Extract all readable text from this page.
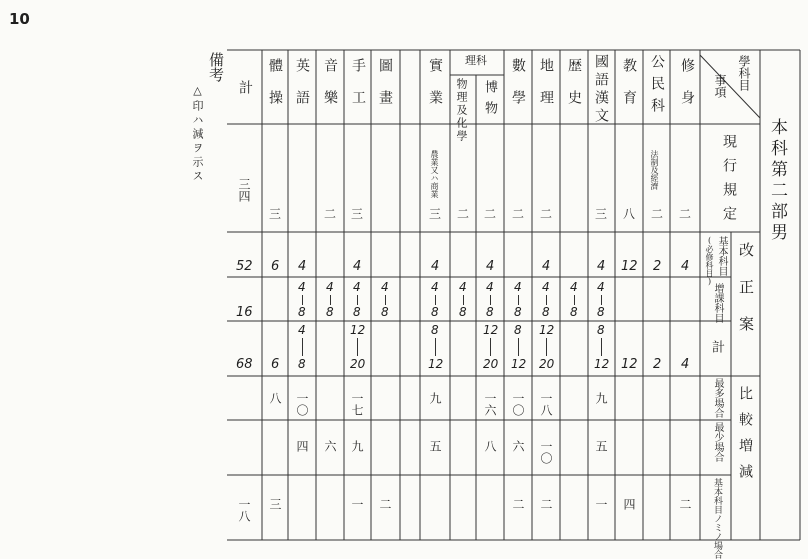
10
備考
△印ハ減ヲ示ス	本科第二部男
學科目
事項
修身
公民科
教育
國語漢文
歴史
地理
數學
理科
博物
物理及化學
實業
圖畫
手工
音樂
英語
體操
計
現行規定
改正案
基本科目
(必修科目)
增課科目
計
比較増減
最多場合
最少場合
基本科目ノミノ場合
法制及經濟
農業又ハ商業
二
二
八
三
二
二
二
二
三
三
二
三
三四
4
2
12
4
4
4
4
4
4
6
52
4
4
4
4
4
4
4
4
4
4
4
8
8
8
8
8
8
8
8
8
8
8
16
8
12
8
12
8
12
4
12
20
12
20
12
20
8	4
2
12
6
68
九
一八
一〇
一六
九
一七
一〇
八
五
一〇
六
八
五
九
六
四
二
四
一
二
二
一 二
三
一八
